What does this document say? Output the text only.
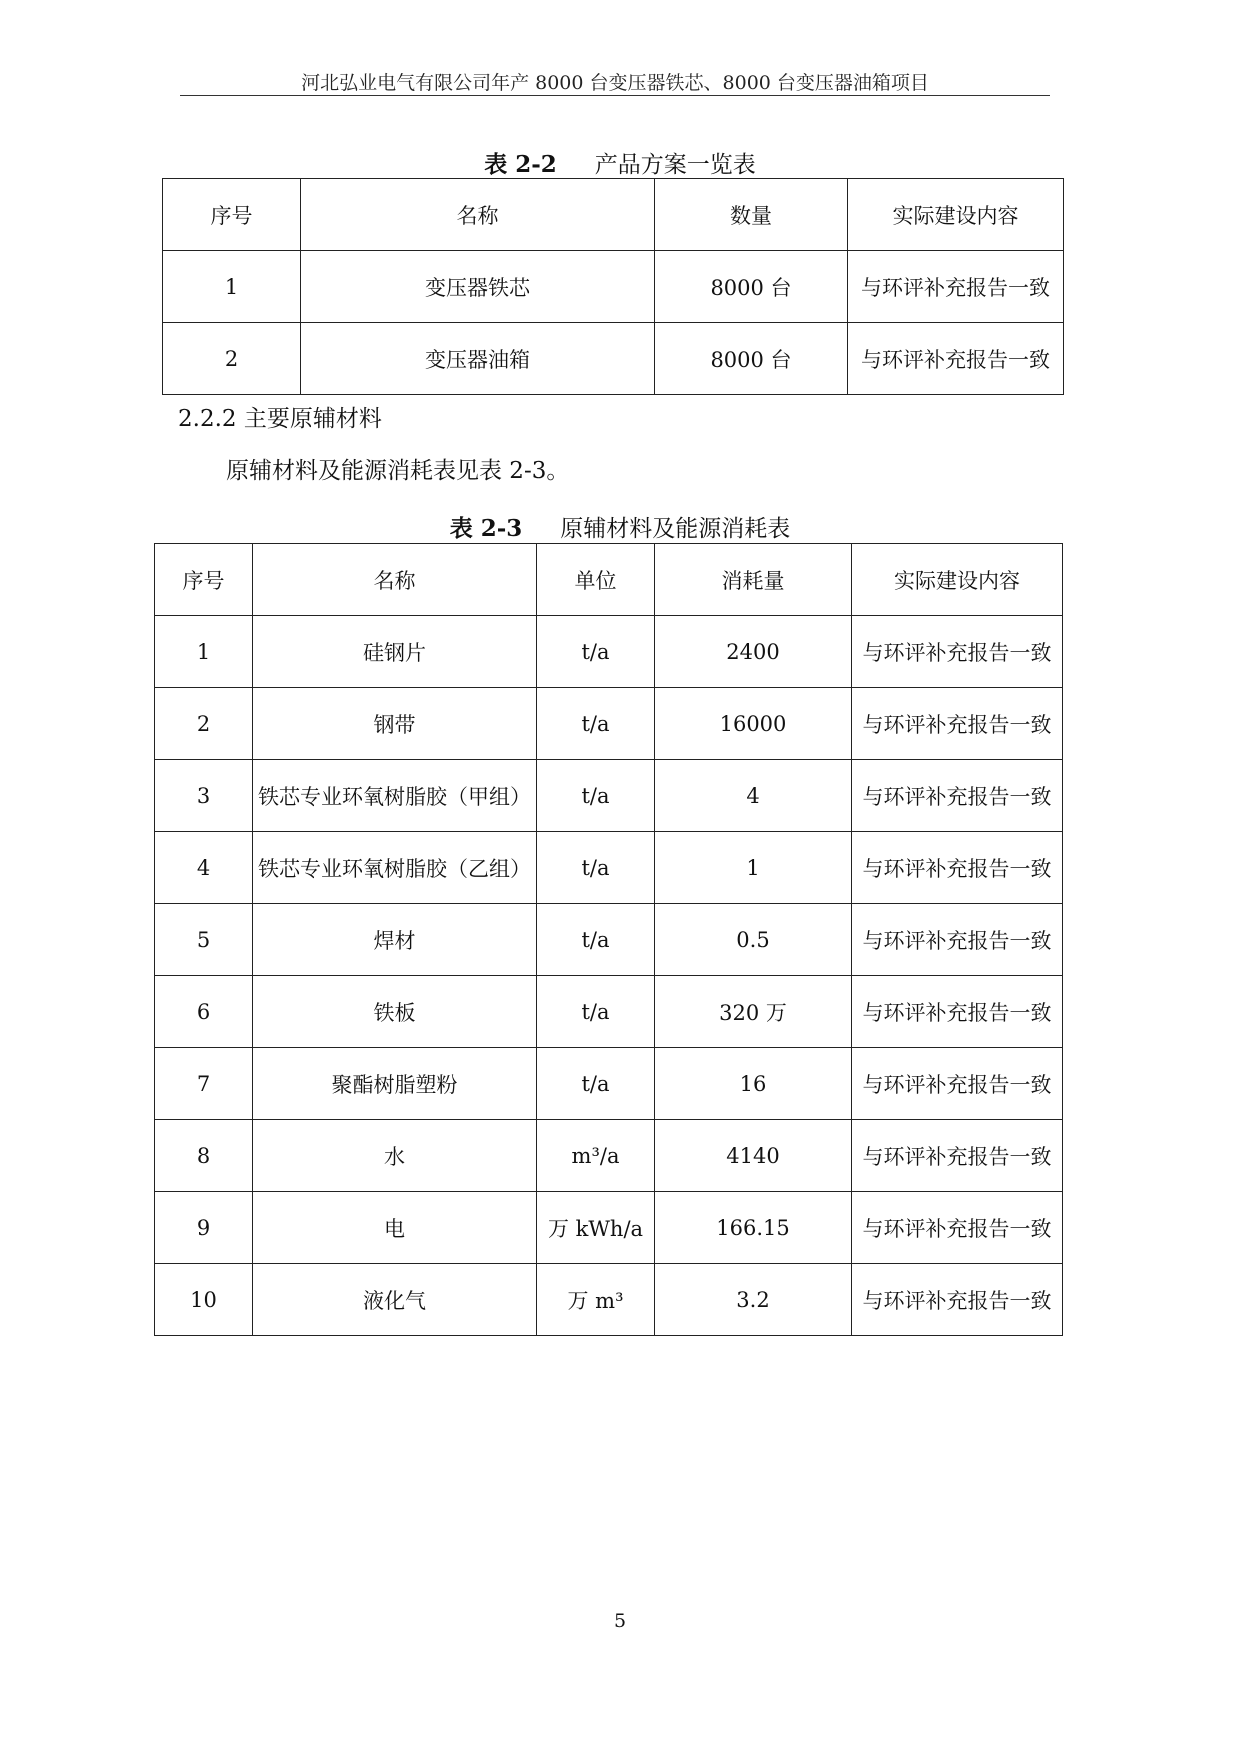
河北弘业电气有限公司年产 8000 台变压器铁芯、8000 台变压器油箱项目
表 2-2 产品方案一览表
序号	名称	数量	实际建设内容
1	变压器铁芯	8000 台	与环评补充报告一致
2	变压器油箱	8000 台	与环评补充报告一致
2.2.2 主要原辅材料
原辅材料及能源消耗表见表 2-3。
表 2-3 原辅材料及能源消耗表
序号	名称	单位	消耗量	实际建设内容
1	硅钢片	t/a	2400	与环评补充报告一致
2	钢带	t/a	16000	与环评补充报告一致
3	铁芯专业环氧树脂胶（甲组）	t/a	4	与环评补充报告一致
4	铁芯专业环氧树脂胶（乙组）	t/a	1	与环评补充报告一致
5	焊材	t/a	0.5	与环评补充报告一致
6	铁板	t/a	320 万	与环评补充报告一致
7	聚酯树脂塑粉	t/a	16	与环评补充报告一致
8	水	m³/a	4140	与环评补充报告一致
9	电	万 kWh/a	166.15	与环评补充报告一致
10	液化气	万 m³	3.2	与环评补充报告一致
5
